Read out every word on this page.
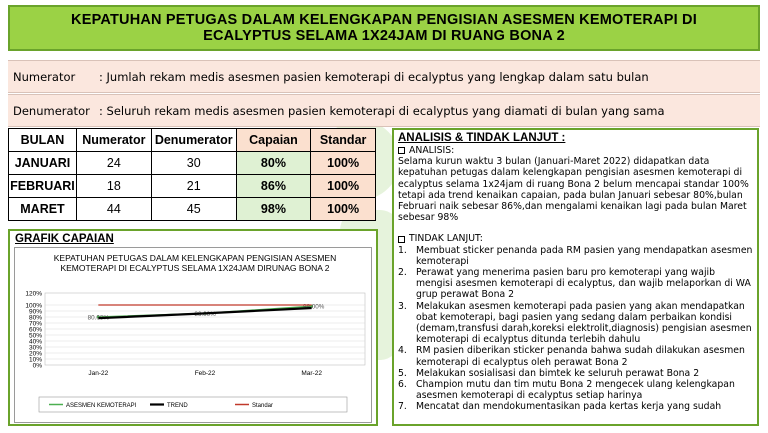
KEPATUHAN PETUGAS DALAM KELENGKAPAN PENGISIAN ASESMEN KEMOTERAPI DI ECALYPTUS SELAMA 1X24JAM DI RUANG BONA 2
Numerator	: Jumlah rekam medis asesmen pasien kemoterapi di ecalyptus yang lengkap dalam satu bulan
Denumerator : Seluruh rekam medis asesmen pasien kemoterapi di ecalyptus yang diamati di bulan yang sama
BULAN	Numerator	Denumerator	Capaian	Standar
JANUARI	24	30	80%	100%
FEBRUARI	18	21	86%	100%
MARET	44	45	98%	100%
GRAFIK CAPAIAN
KEPATUHAN PETUGAS DALAM KELENGKAPAN PENGISIAN ASESMEN KEMOTERAPI DI ECALYPTUS SELAMA 1X24JAM DIRUNAG BONA 2
0%
10%
20%
30%
40%
50%
60%
70%
80%
90%
100%
120%
Jan-22	Feb-22	Mar-22
80.00%
86.00%
98.00%
ASESMEN KEMOTERAPI	TREND	Standar
ANALISIS & TINDAK LANJUT :
ANALISIS:
Selama kurun waktu 3 bulan (Januari-Maret 2022) didapatkan data kepatuhan petugas dalam kelengkapan pengisian asesmen kemoterapi di ecalyptus selama 1x24jam di ruang Bona 2 belum mencapai standar 100% tetapi ada trend kenaikan capaian, pada bulan Januari sebesar 80%,bulan Februari naik sebesar 86%,dan mengalami kenaikan lagi pada bulan Maret sebesar 98%
TINDAK LANJUT:
1. Membuat sticker penanda pada RM pasien yang mendapatkan asesmen kemoterapi
2. Perawat yang menerima pasien baru pro kemoterapi yang wajib mengisi asesmen kemoterapi di ecalyptus, dan wajib melaporkan di WA grup perawat Bona 2
3. Melakukan asesmen kemoterapi pada pasien yang akan mendapatkan obat kemoterapi, bagi pasien yang sedang dalam perbaikan kondisi (demam,transfusi darah,koreksi elektrolit,diagnosis) pengisian asesmen kemoterapi di ecalyptus ditunda terlebih dahulu
4. RM pasien diberikan sticker penanda bahwa sudah dilakukan asesmen kemoterapi di ecalyptus oleh perawat Bona 2
5. Melakukan sosialisasi dan bimtek ke seluruh perawat Bona 2
6. Champion mutu dan tim mutu Bona 2 mengecek ulang kelengkapan asesmen kemoterapi di ecalyptus setiap harinya
7. Mencatat dan mendokumentasikan pada kertas kerja yang sudah
